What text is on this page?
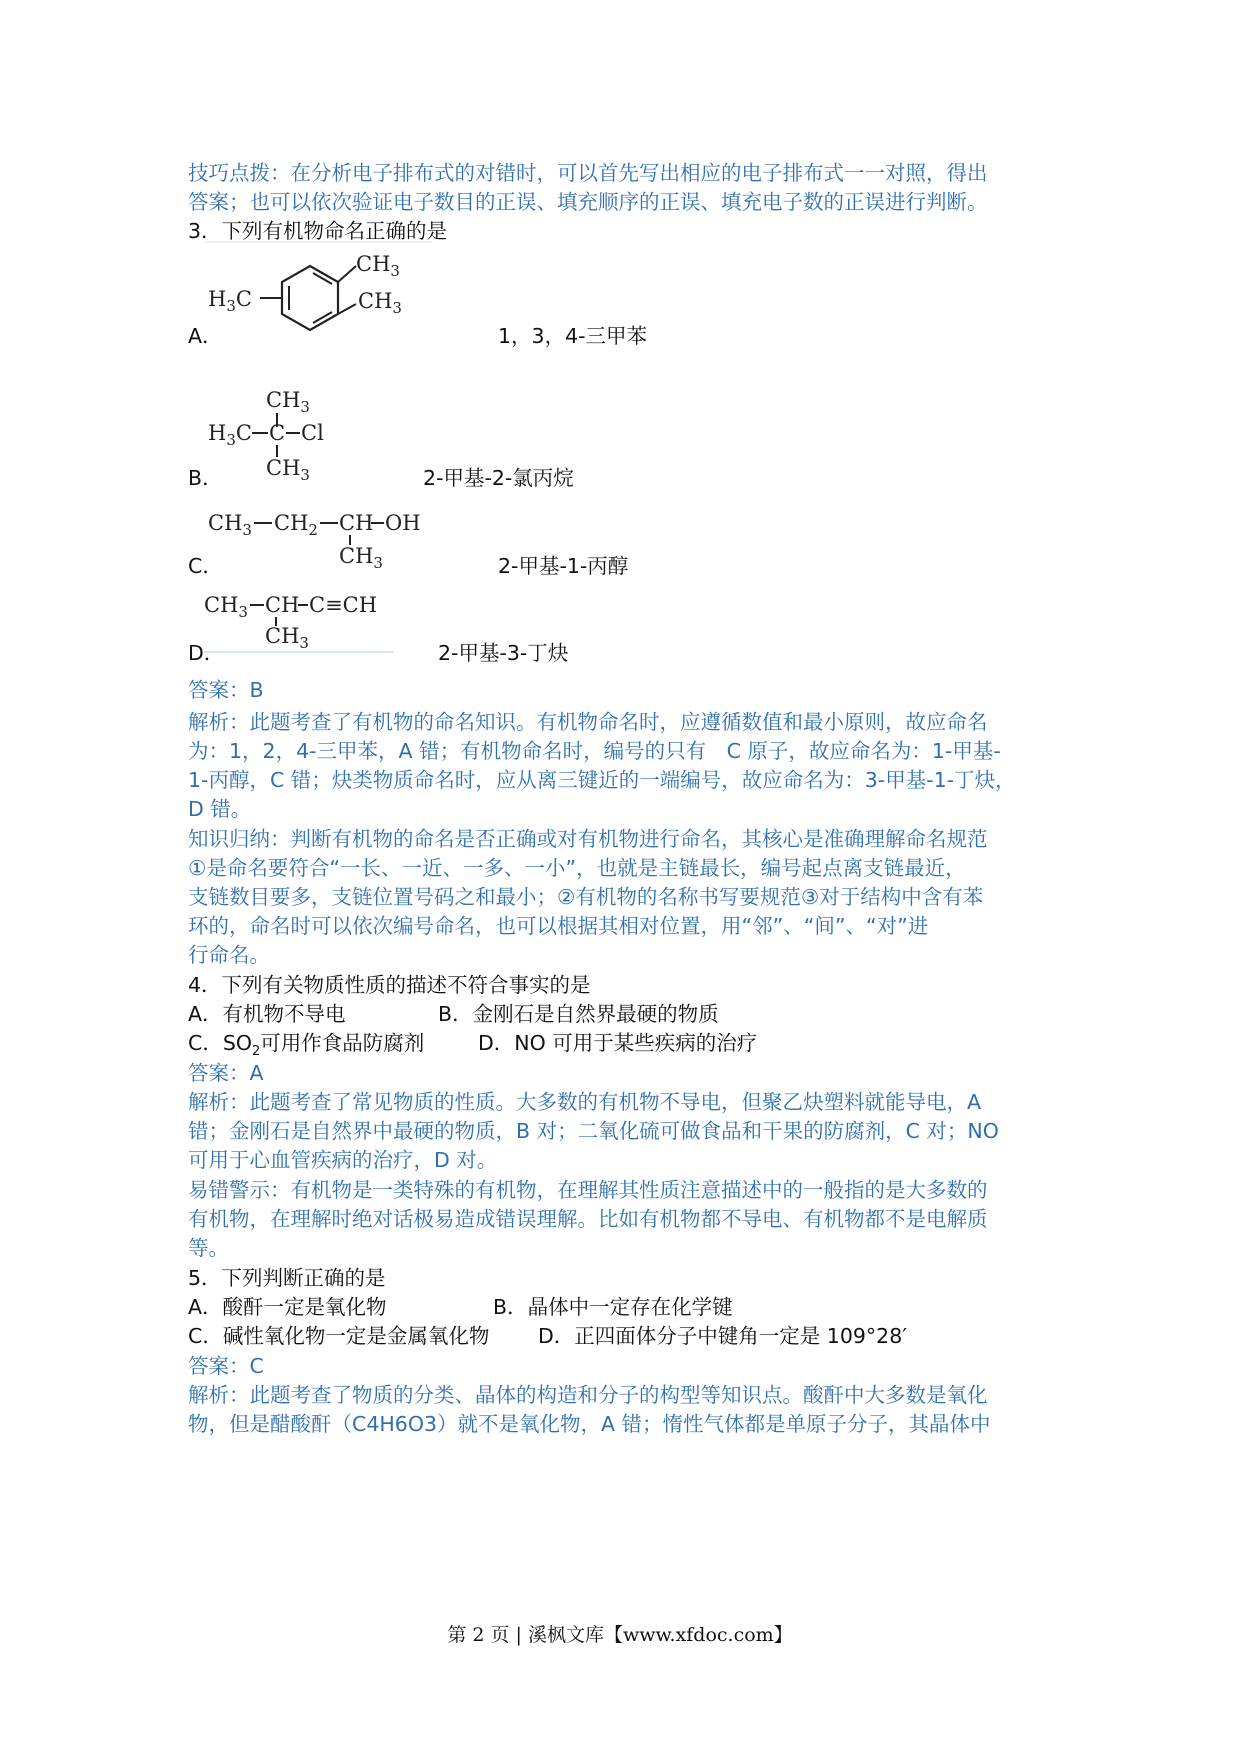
技巧点拨：在分析电子排布式的对错时，可以首先写出相应的电子排布式一一对照，得出
答案；也可以依次验证电子数目的正误、填充顺序的正误、填充电子数的正误进行判断。
3．下列有机物命名正确的是
$CH_3$
$CH_3$
$H_3C$
A．	1，3，4-三甲苯
$CH_3$
$H_3C$ C Cl
$CH_3$
B．	2-甲基-2-氯丙烷
$CH_3$ $CH_2$ CH OH
$CH_3$
C．	2-甲基-1-丙醇
$CH_3$ CH C≡CH
$CH_3$
D．	2-甲基-3-丁炔
答案：B
解析：此题考查了有机物的命名知识。有机物命名时，应遵循数值和最小原则，故应命名
为：1，2，4-三甲苯，A 错；有机物命名时，编号的只有　C 原子，故应命名为：1-甲基-
1-丙醇，C 错；炔类物质命名时，应从离三键近的一端编号，故应命名为：3-甲基-1-丁炔，
D 错。
知识归纳：判断有机物的命名是否正确或对有机物进行命名，其核心是准确理解命名规范
①是命名要符合“一长、一近、一多、一小”，也就是主链最长，编号起点离支链最近，
支链数目要多，支链位置号码之和最小；②有机物的名称书写要规范③对于结构中含有苯
环的，命名时可以依次编号命名，也可以根据其相对位置，用“邻”、“间”、“对”进
行命名。
4．下列有关物质性质的描述不符合事实的是
A．有机物不导电	B．金刚石是自然界最硬的物质
C．$SO_2$可用作食品防腐剂	D．NO 可用于某些疾病的治疗
答案：A
解析：此题考查了常见物质的性质。大多数的有机物不导电，但聚乙炔塑料就能导电，A
错；金刚石是自然界中最硬的物质，B 对；二氧化硫可做食品和干果的防腐剂，C 对；NO
可用于心血管疾病的治疗，D 对。
易错警示：有机物是一类特殊的有机物，在理解其性质注意描述中的一般指的是大多数的
有机物，在理解时绝对话极易造成错误理解。比如有机物都不导电、有机物都不是电解质
等。
5．下列判断正确的是
A．酸酐一定是氧化物	B．晶体中一定存在化学键
C．碱性氧化物一定是金属氧化物 D．正四面体分子中键角一定是 109°28′
答案：C
解析：此题考查了物质的分类、晶体的构造和分子的构型等知识点。酸酐中大多数是氧化
物，但是醋酸酐（C4H6O3）就不是氧化物，A 错；惰性气体都是单原子分子，其晶体中
第 2 页 | 溪枫文库【www.xfdoc.com】
